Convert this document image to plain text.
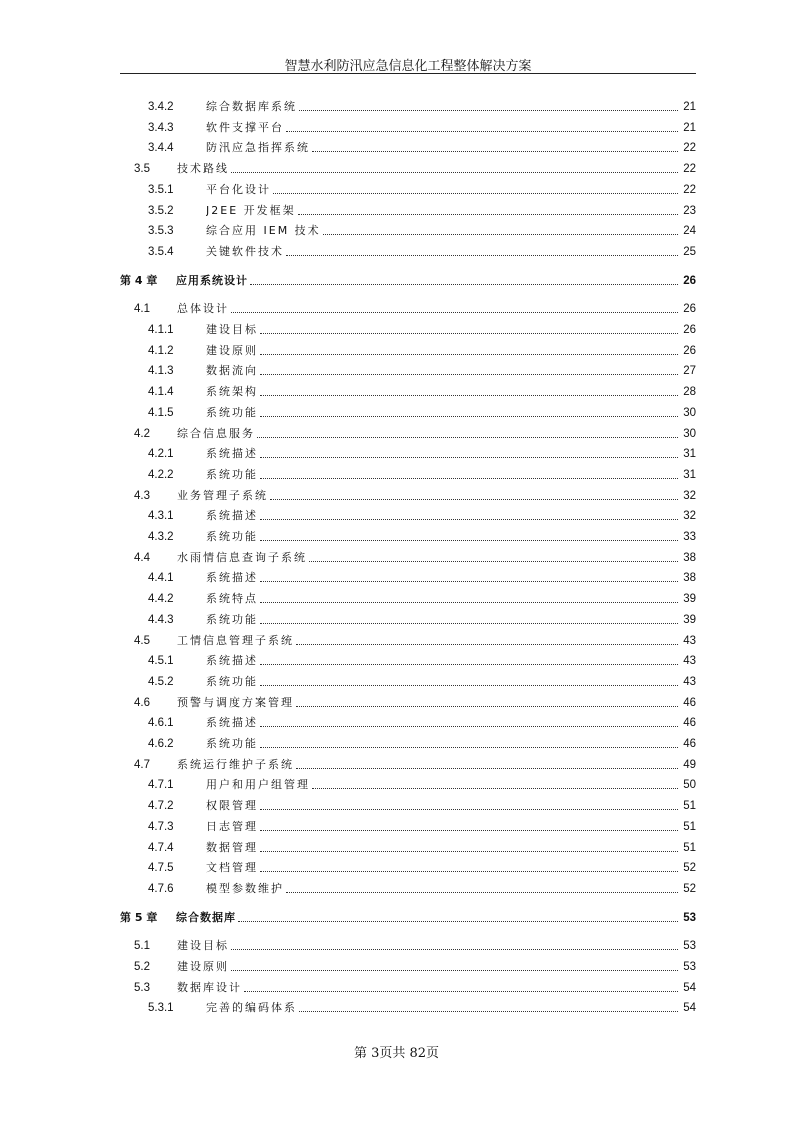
智慧水利防汛应急信息化工程整体解决方案
3.4.2	综合数据库系统	21
3.4.3	软件支撑平台	21
3.4.4	防汛应急指挥系统	22
3.5 技术路线	22
3.5.1	平台化设计	22
3.5.2	J2EE 开发框架	23
3.5.3	综合应用 IEM 技术	24
3.5.4	关键软件技术	25
第 4 章 应用系统设计	26
4.1 总体设计	26
4.1.1	建设目标	26
4.1.2	建设原则	26
4.1.3	数据流向	27
4.1.4	系统架构	28
4.1.5	系统功能	30
4.2 综合信息服务	30
4.2.1	系统描述	31
4.2.2	系统功能	31
4.3 业务管理子系统	32
4.3.1	系统描述	32
4.3.2	系统功能	33
4.4 水雨情信息查询子系统	38
4.4.1	系统描述	38
4.4.2	系统特点	39
4.4.3	系统功能	39
4.5 工情信息管理子系统	43
4.5.1	系统描述	43
4.5.2	系统功能	43
4.6 预警与调度方案管理	46
4.6.1	系统描述	46
4.6.2	系统功能	46
4.7 系统运行维护子系统	49
4.7.1	用户和用户组管理	50
4.7.2	权限管理	51
4.7.3	日志管理	51
4.7.4	数据管理	51
4.7.5	文档管理	52
4.7.6	模型参数维护	52
第 5 章 综合数据库	53
5.1 建设目标	53
5.2 建设原则	53
5.3 数据库设计	54
5.3.1	完善的编码体系	54
第 3页共 82页
